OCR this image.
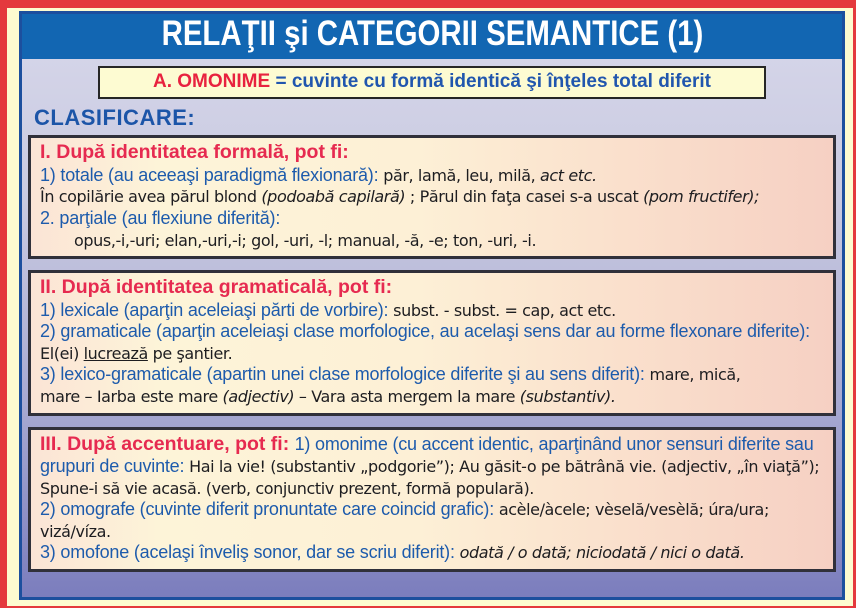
RELAŢII şi CATEGORII SEMANTICE (1)
A. OMONIME = cuvinte cu formă identică şi înţeles total diferit
CLASIFICARE:
I. După identitatea formală, pot fi:
1) totale (au aceeaşi paradigmă flexionară): păr, lamă, leu, milă, act etc.
În copilărie avea părul blond (podoabă capilară) ; Părul din faţa casei s-a uscat (pom fructifer);
2. parţiale (au flexiune diferită):
opus,-i,-uri; elan,-uri,-i; gol, -uri, -l; manual, -ă, -e; ton, -uri, -i.
II. După identitatea gramaticală, pot fi:
1) lexicale (aparţin aceleiaşi părti de vorbire): subst. - subst. = cap, act etc.
2) gramaticale (aparţin aceleiaşi clase morfologice, au acelaşi sens dar au forme flexonare diferite): El(ei) lucrează pe şantier.
3) lexico-gramaticale (apartin unei clase morfologice diferite şi au sens diferit): mare, mică,
mare – Iarba este mare (adjectiv) – Vara asta mergem la mare (substantiv).
III. După accentuare, pot fi: 1) omonime (cu accent identic, aparţinând unor sensuri diferite sau grupuri de cuvinte: Hai la vie! (substantiv „podgorie”); Au găsit-o pe bătrână vie. (adjectiv, „în viaţă”);
Spune-i să vie acasă. (verb, conjunctiv prezent, formă populară).
2) omografe (cuvinte diferit pronuntate care coincid grafic): acèle/àcele; vèselă/vesèlă; úra/ura; vizá/víza.
3) omofone (acelaşi înveliş sonor, dar se scriu diferit): odată / o dată; niciodată / nici o dată.
